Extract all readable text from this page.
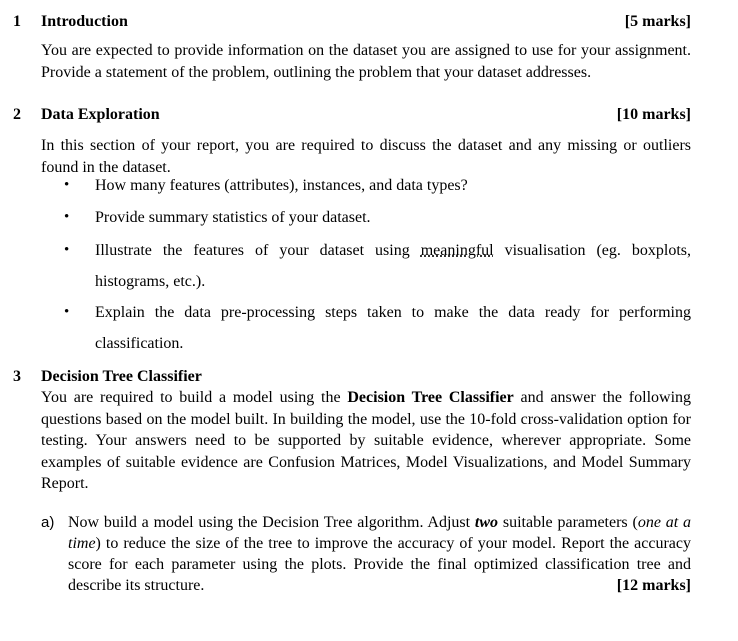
1 Introduction	[5 marks]
You are expected to provide information on the dataset you are assigned to use for your assignment. Provide a statement of the problem, outlining the problem that your dataset addresses.
2 Data Exploration	[10 marks]
In this section of your report, you are required to discuss the dataset and any missing or outliers found in the dataset.
• How many features (attributes), instances, and data types?
• Provide summary statistics of your dataset.
• Illustrate the features of your dataset using meaningful visualisation (eg. boxplots, histograms, etc.).
• Explain the data pre-processing steps taken to make the data ready for performing classification.
3 Decision Tree Classifier
You are required to build a model using the Decision Tree Classifier and answer the following questions based on the model built. In building the model, use the 10-fold cross-validation option for testing. Your answers need to be supported by suitable evidence, wherever appropriate. Some examples of suitable evidence are Confusion Matrices, Model Visualizations, and Model Summary Report.
a) Now build a model using the Decision Tree algorithm. Adjust two suitable parameters (one at a time) to reduce the size of the tree to improve the accuracy of your model. Report the accuracy score for each parameter using the plots. Provide the final optimized classification tree and describe its structure.	[12 marks]
